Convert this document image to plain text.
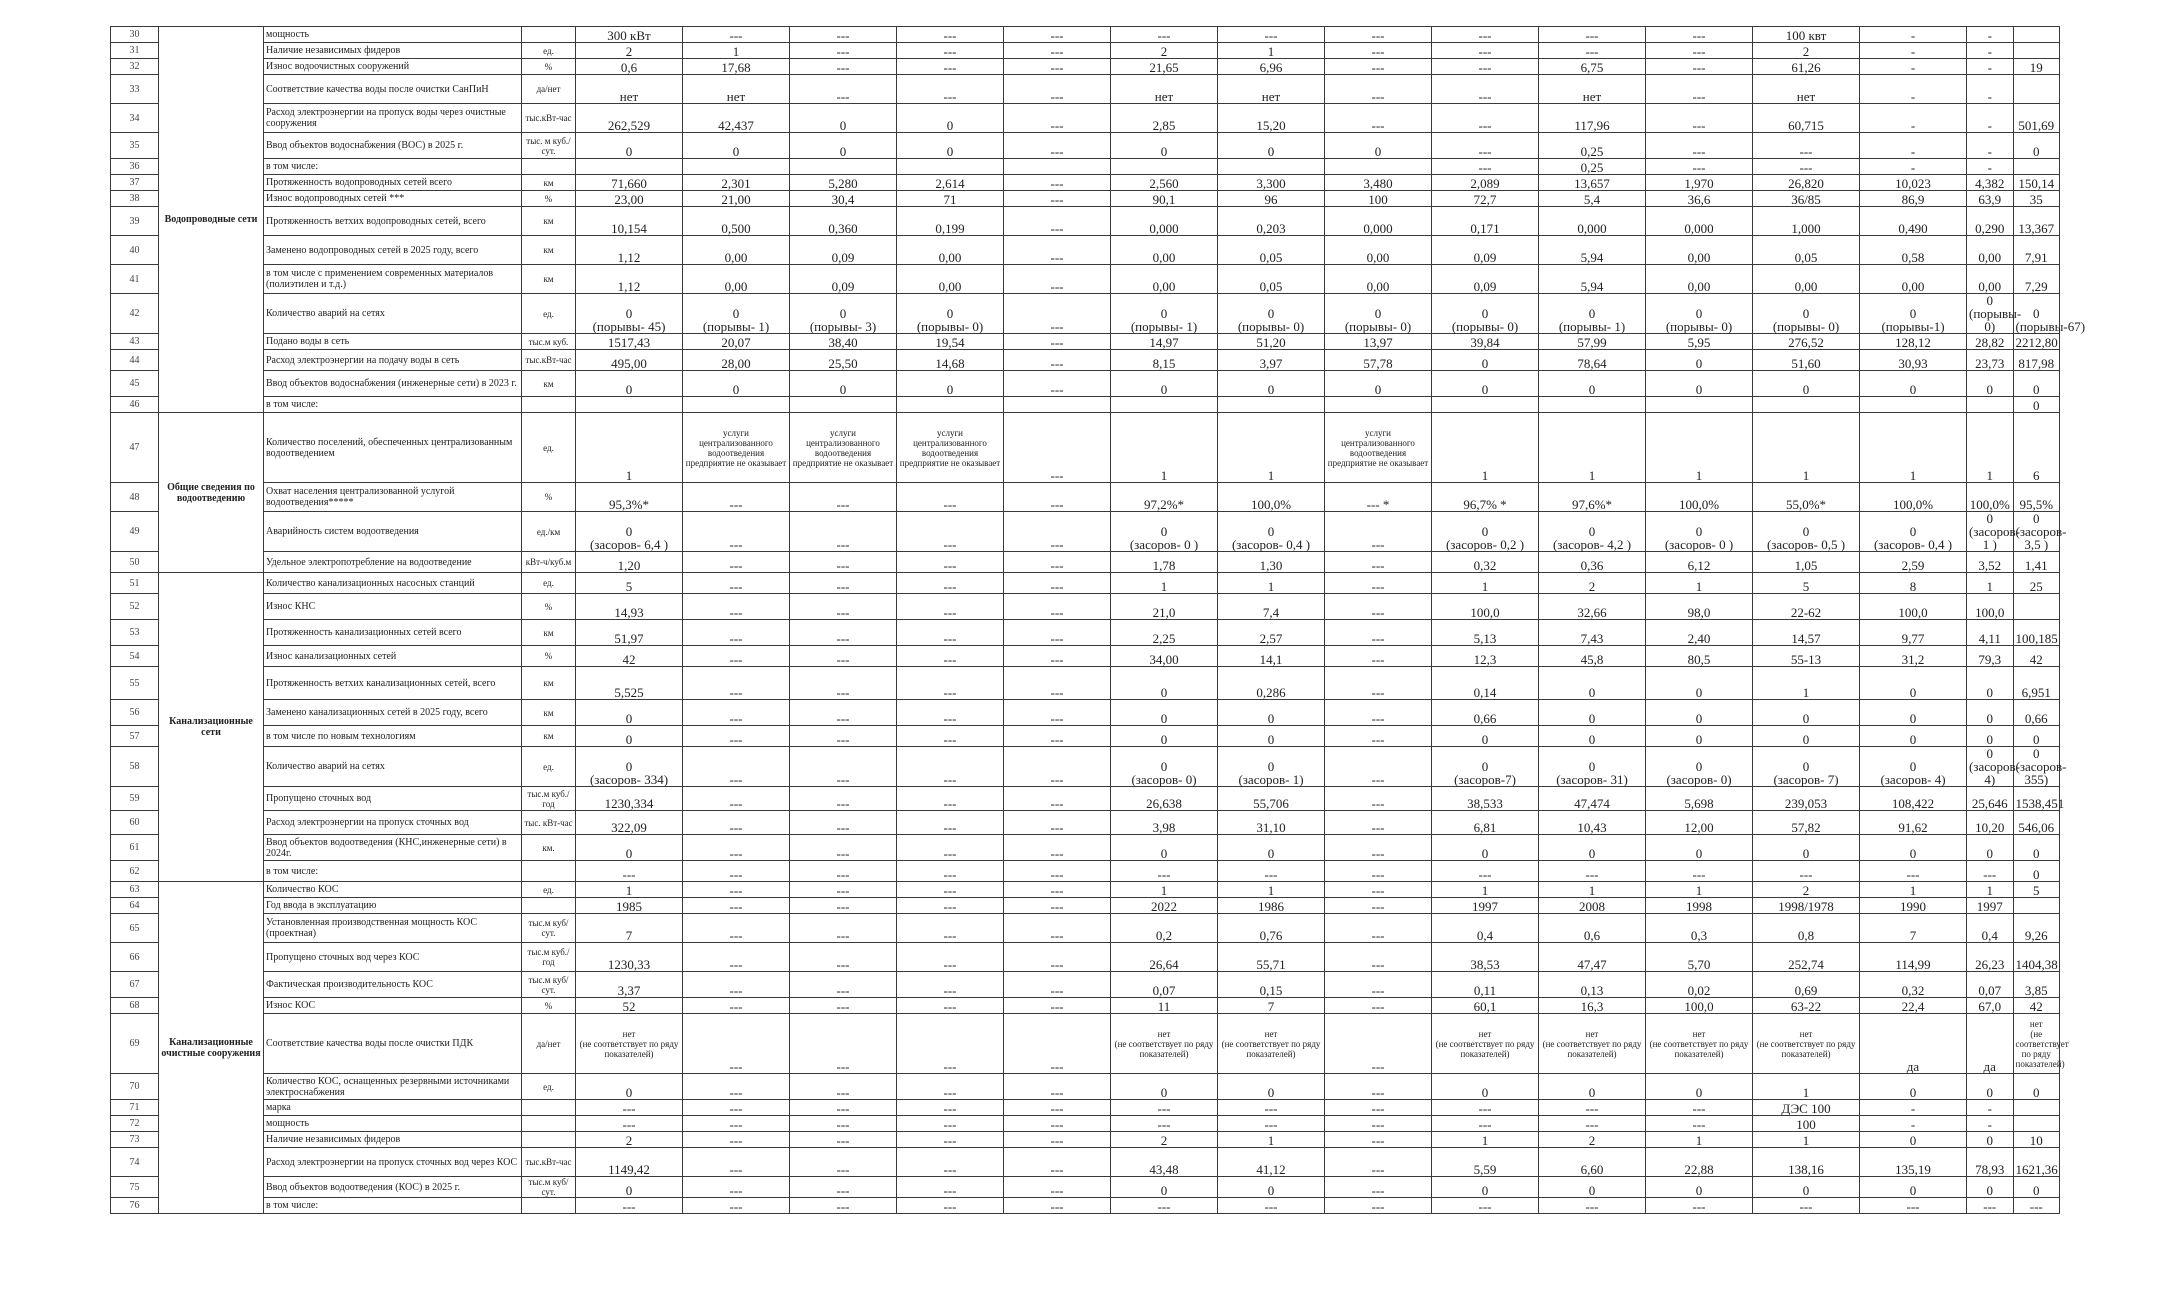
30	Водопроводные сети	мощность		300 кВт	---	---	---	---	---	---	---	---	---	---	100 квт	-	-	
31		Наличие независимых фидеров	ед.	2	1	---	---	---	2	1	---	---	---	---	2	-	-	
32		Износ водоочистных сооружений	%	0,6	17,68	---	---	---	21,65	6,96	---	---	6,75	---	61,26	-	-	19
33		Соответствие качества воды после очистки СанПиН	да/нет	нет	нет	---	---	---	нет	нет	---	---	нет	---	нет	-	-	
34		Расход электроэнергии на пропуск воды через очистные сооружения	тыс.кВт-час	262,529	42,437	0	0	---	2,85	15,20	---	---	117,96	---	60,715	-	-	501,69
35		Ввод объектов водоснабжения (ВОС) в 2025 г.	тыс. м куб./сут.	0	0	0	0	---	0	0	0	---	0,25	---	---	-	-	0
36		в том числе:										---	0,25	---	---	-	-	
37		Протяженность водопроводных сетей всего	км	71,660	2,301	5,280	2,614	---	2,560	3,300	3,480	2,089	13,657	1,970	26,820	10,023	4,382	150,14
38		Износ водопроводных сетей ***	%	23,00	21,00	30,4	71	---	90,1	96	100	72,7	5,4	36,6	36/85	86,9	63,9	35
39		Протяженность ветхих водопроводных сетей, всего	км	10,154	0,500	0,360	0,199	---	0,000	0,203	0,000	0,171	0,000	0,000	1,000	0,490	0,290	13,367
40		Заменено водопроводных сетей в 2025 году, всего	км	1,12	0,00	0,09	0,00	---	0,00	0,05	0,00	0,09	5,94	0,00	0,05	0,58	0,00	7,91
41		в том числе с применением современных материалов (полиэтилен и т.д.)	км	1,12	0,00	0,09	0,00	---	0,00	0,05	0,00	0,09	5,94	0,00	0,00	0,00	0,00	7,29
42		Количество аварий на сетях	ед.	0
(порывы- 45)	0
(порывы- 1)	0
(порывы- 3)	0
(порывы- 0)	---	0
(порывы- 1)	0
(порывы- 0)	0
(порывы- 0)	0
(порывы- 0)	0
(порывы- 1)	0
(порывы- 0)	0
(порывы- 0)	0
(порывы-1)	0
(порывы- 0)	0
(порывы-67)
43		Подано воды в сеть	тыс.м куб.	1517,43	20,07	38,40	19,54	---	14,97	51,20	13,97	39,84	57,99	5,95	276,52	128,12	28,82	2212,80
44		Расход электроэнергии на подачу воды в сеть	тыс.кВт-час	495,00	28,00	25,50	14,68	---	8,15	3,97	57,78	0	78,64	0	51,60	30,93	23,73	817,98
45		Ввод объектов водоснабжения (инженерные сети) в 2023 г.	км	0	0	0	0	---	0	0	0	0	0	0	0	0	0	0
46		в том числе:																0
47	Общие сведения по водоотведению	Количество поселений, обеспеченных централизованным водоотведением	ед.	1	услуги централизованного водоотведения предприятие не оказывает	услуги централизованного водоотведения предприятие не оказывает	услуги централизованного водоотведения предприятие не оказывает	---	1	1	услуги централизованного водоотведения предприятие не оказывает	1	1	1	1	1	1	6
48		Охват населения централизованной услугой водоотведения*****	%	95,3%*	---	---	---	---	97,2%*	100,0%	--- *	96,7% *	97,6%*	100,0%	55,0%*	100,0%	100,0%	95,5%
49		Аварийность систем водоотведения	ед./км	0
(засоров- 6,4 )	---	---	---	---	0
(засоров- 0 )	0
(засоров- 0,4 )	---	0
(засоров- 0,2 )	0
(засоров- 4,2 )	0
(засоров- 0 )	0
(засоров- 0,5 )	0
(засоров- 0,4 )	0
(засоров- 1 )	0
(засоров- 3,5 )
50		Удельное электропотребление на водоотведение	кВт-ч/куб.м	1,20	---	---	---	---	1,78	1,30	---	0,32	0,36	6,12	1,05	2,59	3,52	1,41
51	Канализационные сети	Количество канализационных насосных станций	ед.	5	---	---	---	---	1	1	---	1	2	1	5	8	1	25
52		Износ КНС	%	14,93	---	---	---	---	21,0	7,4	---	100,0	32,66	98,0	22-62	100,0	100,0	
53		Протяженность канализационных сетей всего	км	51,97	---	---	---	---	2,25	2,57	---	5,13	7,43	2,40	14,57	9,77	4,11	100,185
54		Износ канализационных сетей	%	42	---	---	---	---	34,00	14,1	---	12,3	45,8	80,5	55-13	31,2	79,3	42
55		Протяженность ветхих канализационных сетей, всего	км	5,525	---	---	---	---	0	0,286	---	0,14	0	0	1	0	0	6,951
56		Заменено канализационных сетей в 2025 году, всего	км	0	---	---	---	---	0	0	---	0,66	0	0	0	0	0	0,66
57		в том числе по новым технологиям	км	0	---	---	---	---	0	0	---	0	0	0	0	0	0	0
58		Количество аварий на сетях	ед.	0
(засоров- 334)	---	---	---	---	0
(засоров- 0)	0
(засоров- 1)	---	0
(засоров-7)	0
(засоров- 31)	0
(засоров- 0)	0
(засоров- 7)	0
(засоров- 4)	0
(засоров- 4)	0
(засоров- 355)
59		Пропущено сточных вод	тыс.м куб./год	1230,334	---	---	---	---	26,638	55,706	---	38,533	47,474	5,698	239,053	108,422	25,646	1538,451
60		Расход электроэнергии на пропуск сточных вод	тыс. кВт-час	322,09	---	---	---	---	3,98	31,10	---	6,81	10,43	12,00	57,82	91,62	10,20	546,06
61		Ввод объектов водоотведения (КНС,инженерные сети) в 2024г.	км.	0	---	---	---	---	0	0	---	0	0	0	0	0	0	0
62		в том числе:		---	---	---	---	---	---	---	---	---	---	---	---	---	---	0
63	Канализационные очистные сооружения	Количество КОС	ед.	1	---	---	---	---	1	1	---	1	1	1	2	1	1	5
64		Год ввода в эксплуатацию		1985	---	---	---	---	2022	1986	---	1997	2008	1998	1998/1978	1990	1997	
65		Установленная производственная мощность КОС (проектная)	тыс.м куб/сут.	7	---	---	---	---	0,2	0,76	---	0,4	0,6	0,3	0,8	7	0,4	9,26
66		Пропущено сточных вод через КОС	тыс.м куб./год	1230,33	---	---	---	---	26,64	55,71	---	38,53	47,47	5,70	252,74	114,99	26,23	1404,38
67		Фактическая производительность КОС	тыс.м куб/сут.	3,37	---	---	---	---	0,07	0,15	---	0,11	0,13	0,02	0,69	0,32	0,07	3,85
68		Износ КОС	%	52	---	---	---	---	11	7	---	60,1	16,3	100,0	63-22	22,4	67,0	42
69		Соответствие качества воды после очистки ПДК	да/нет	нет
(не соответствует по ряду показателей)	---	---	---	---	нет
(не соответствует по ряду показателей)	нет
(не соответствует по ряду показателей)	---	нет
(не соответствует по ряду показателей)	нет
(не соответствует по ряду показателей)	нет
(не соответствует по ряду показателей)	нет
(не соответствует по ряду показателей)	да	да	нет
(не соответствует по ряду показателей)
70		Количество КОС, оснащенных резервными источниками электроснабжения	ед.	0	---	---	---	---	0	0	---	0	0	0	1	0	0	0
71		марка		---	---	---	---	---	---	---	---	---	---	---	ДЭС 100	-	-	
72		мощность		---	---	---	---	---	---	---	---	---	---	---	100	-	-	
73		Наличие независимых фидеров		2	---	---	---	---	2	1	---	1	2	1	1	0	0	10
74		Расход электроэнергии на пропуск сточных вод через КОС	тыс.кВт-час	1149,42	---	---	---	---	43,48	41,12	---	5,59	6,60	22,88	138,16	135,19	78,93	1621,36
75		Ввод объектов водоотведения (КОС) в 2025 г.	тыс.м куб/сут.	0	---	---	---	---	0	0	---	0	0	0	0	0	0	0
76		в том числе:		---	---	---	---	---	---	---	---	---	---	---	---	---	---	---
